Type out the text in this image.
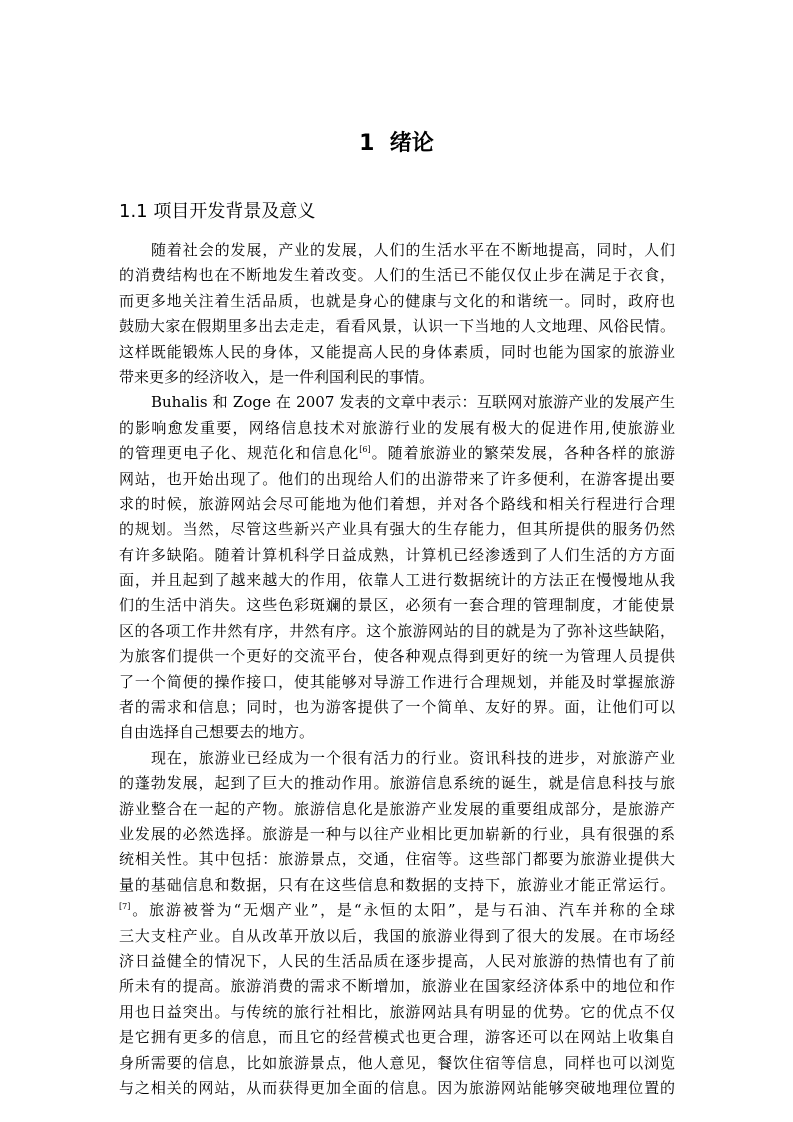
1  绪论
1.1 项目开发背景及意义
随着社会的发展，产业的发展，人们的生活水平在不断地提高，同时，人们
的消费结构也在不断地发生着改变。人们的生活已不能仅仅止步在满足于衣食，
而更多地关注着生活品质，也就是身心的健康与文化的和谐统一。同时，政府也
鼓励大家在假期里多出去走走，看看风景，认识一下当地的人文地理、风俗民情。
这样既能锻炼人民的身体，又能提高人民的身体素质，同时也能为国家的旅游业
带来更多的经济收入，是一件利国利民的事情。
Buhalis 和 Zoge 在 2007 发表的文章中表示：互联网对旅游产业的发展产生
的影响愈发重要，网络信息技术对旅游行业的发展有极大的促进作用,使旅游业
的管理更电子化、规范化和信息化[6]。随着旅游业的繁荣发展，各种各样的旅游
网站，也开始出现了。他们的出现给人们的出游带来了许多便利，在游客提出要
求的时候，旅游网站会尽可能地为他们着想，并对各个路线和相关行程进行合理
的规划。当然，尽管这些新兴产业具有强大的生存能力，但其所提供的服务仍然
有许多缺陷。随着计算机科学日益成熟，计算机已经渗透到了人们生活的方方面
面，并且起到了越来越大的作用，依靠人工进行数据统计的方法正在慢慢地从我
们的生活中消失。这些色彩斑斓的景区，必须有一套合理的管理制度，才能使景
区的各项工作井然有序，井然有序。这个旅游网站的目的就是为了弥补这些缺陷，
为旅客们提供一个更好的交流平台，使各种观点得到更好的统一为管理人员提供
了一个简便的操作接口，使其能够对导游工作进行合理规划，并能及时掌握旅游
者的需求和信息；同时，也为游客提供了一个简单、友好的界。面，让他们可以
自由选择自己想要去的地方。
现在，旅游业已经成为一个很有活力的行业。资讯科技的进步，对旅游产业
的蓬勃发展，起到了巨大的推动作用。旅游信息系统的诞生，就是信息科技与旅
游业整合在一起的产物。旅游信息化是旅游产业发展的重要组成部分，是旅游产
业发展的必然选择。旅游是一种与以往产业相比更加崭新的行业，具有很强的系
统相关性。其中包括：旅游景点，交通，住宿等。这些部门都要为旅游业提供大
量的基础信息和数据，只有在这些信息和数据的支持下，旅游业才能正常运行。
[7]。旅游被誉为“无烟产业”，是“永恒的太阳”，是与石油、汽车并称的全球
三大支柱产业。自从改革开放以后，我国的旅游业得到了很大的发展。在市场经
济日益健全的情况下，人民的生活品质在逐步提高，人民对旅游的热情也有了前
所未有的提高。旅游消费的需求不断增加，旅游业在国家经济体系中的地位和作
用也日益突出。与传统的旅行社相比，旅游网站具有明显的优势。它的优点不仅
是它拥有更多的信息，而且它的经营模式也更合理，游客还可以在网站上收集自
身所需要的信息，比如旅游景点，他人意见，餐饮住宿等信息，同样也可以浏览
与之相关的网站，从而获得更加全面的信息。因为旅游网站能够突破地理位置的
